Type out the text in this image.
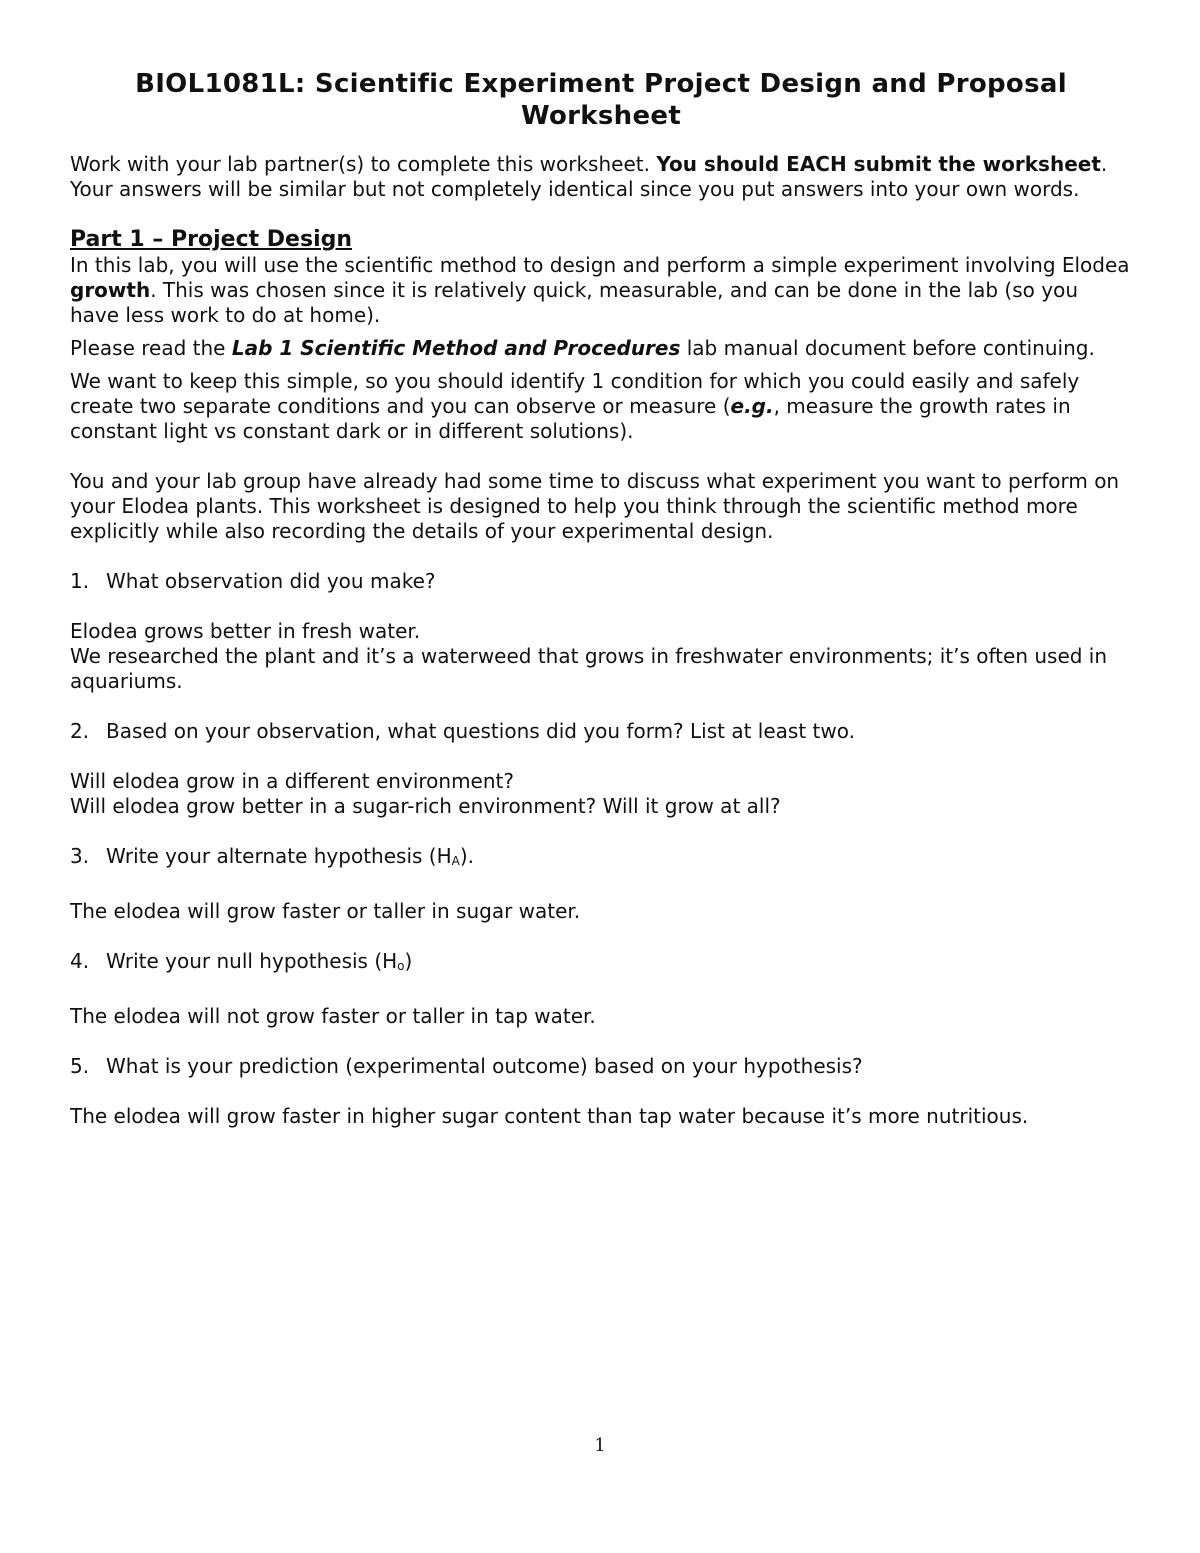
BIOL1081L: Scientific Experiment Project Design and Proposal
Worksheet

Work with your lab partner(s) to complete this worksheet. You should EACH submit the worksheet. Your answers will be similar but not completely identical since you put answers into your own words.

Part 1 – Project Design

In this lab, you will use the scientific method to design and perform a simple experiment involving Elodea growth. This was chosen since it is relatively quick, measurable, and can be done in the lab (so you have less work to do at home).

Please read the Lab 1 Scientific Method and Procedures lab manual document before continuing.

We want to keep this simple, so you should identify 1 condition for which you could easily and safely create two separate conditions and you can observe or measure (e.g., measure the growth rates in constant light vs constant dark or in different solutions).

You and your lab group have already had some time to discuss what experiment you want to perform on your Elodea plants. This worksheet is designed to help you think through the scientific method more explicitly while also recording the details of your experimental design.

1. What observation did you make?
Elodea grows better in fresh water.
We researched the plant and it’s a waterweed that grows in freshwater environments; it’s often used in aquariums.
2. Based on your observation, what questions did you form? List at least two.
Will elodea grow in a different environment?
Will elodea grow better in a sugar-rich environment? Will it grow at all?
3. Write your alternate hypothesis $(H_A)$.
The elodea will grow faster or taller in sugar water.
4. Write your null hypothesis $(H_o)$
The elodea will not grow faster or taller in tap water.
5. What is your prediction (experimental outcome) based on your hypothesis?
The elodea will grow faster in higher sugar content than tap water because it’s more nutritious.
1
